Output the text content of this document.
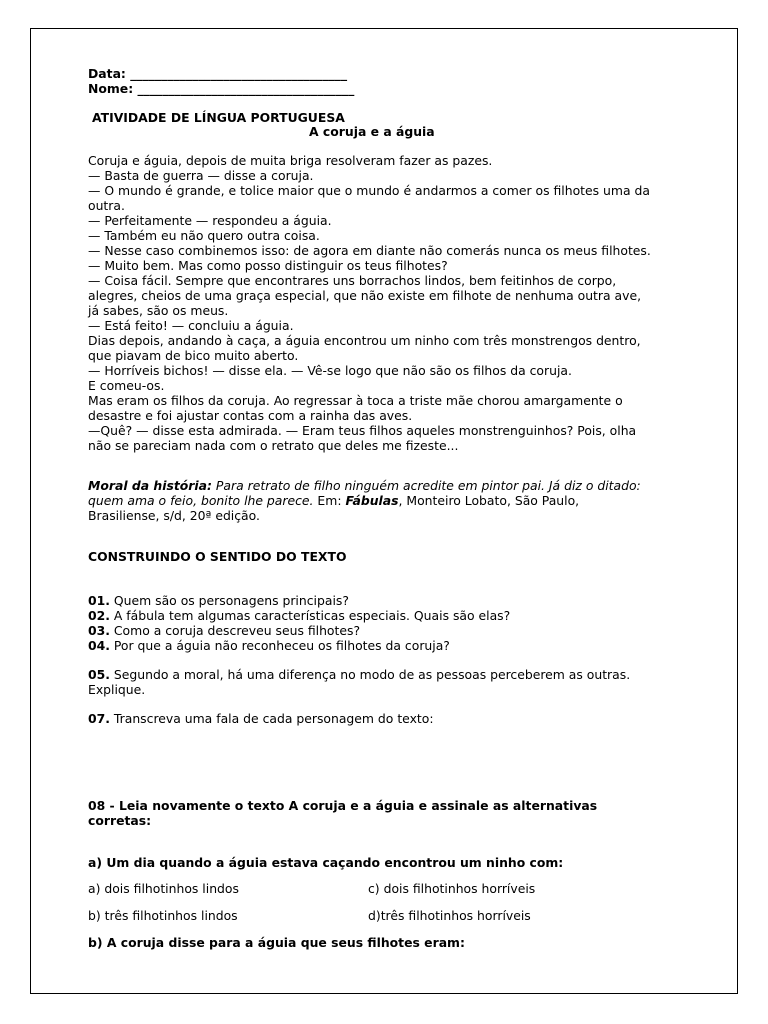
Data: ___________________________________
Nome: ___________________________________
ATIVIDADE DE LÍNGUA PORTUGUESA
A coruja e a águia
Coruja e águia, depois de muita briga resolveram fazer as pazes.
— Basta de guerra — disse a coruja.
— O mundo é grande, e tolice maior que o mundo é andarmos a comer os filhotes uma da
outra.
— Perfeitamente — respondeu a águia.
— Também eu não quero outra coisa.
— Nesse caso combinemos isso: de agora em diante não comerás nunca os meus filhotes.
— Muito bem. Mas como posso distinguir os teus filhotes?
— Coisa fácil. Sempre que encontrares uns borrachos lindos, bem feitinhos de corpo,
alegres, cheios de uma graça especial, que não existe em filhote de nenhuma outra ave,
já sabes, são os meus.
— Está feito! — concluiu a águia.
Dias depois, andando à caça, a águia encontrou um ninho com três monstrengos dentro,
que piavam de bico muito aberto.
— Horríveis bichos! — disse ela. — Vê-se logo que não são os filhos da coruja.
E comeu-os.
Mas eram os filhos da coruja. Ao regressar à toca a triste mãe chorou amargamente o
desastre e foi ajustar contas com a rainha das aves.
—Quê? — disse esta admirada. — Eram teus filhos aqueles monstrenguinhos? Pois, olha
não se pareciam nada com o retrato que deles me fizeste...
Moral da história: Para retrato de filho ninguém acredite em pintor pai. Já diz o ditado:
quem ama o feio, bonito lhe parece. Em: Fábulas, Monteiro Lobato, São Paulo,
Brasiliense, s/d, 20ª edição.
CONSTRUINDO O SENTIDO DO TEXTO
01. Quem são os personagens principais?
02. A fábula tem algumas características especiais. Quais são elas?
03. Como a coruja descreveu seus filhotes?
04. Por que a águia não reconheceu os filhotes da coruja?
05. Segundo a moral, há uma diferença no modo de as pessoas perceberem as outras.
Explique.
07. Transcreva uma fala de cada personagem do texto:
08 - Leia novamente o texto A coruja e a águia e assinale as alternativas
corretas:
a) Um dia quando a águia estava caçando encontrou um ninho com:
a) dois filhotinhos lindos	c) dois filhotinhos horríveis
b) três filhotinhos lindos	d)três filhotinhos horríveis
b) A coruja disse para a águia que seus filhotes eram:
